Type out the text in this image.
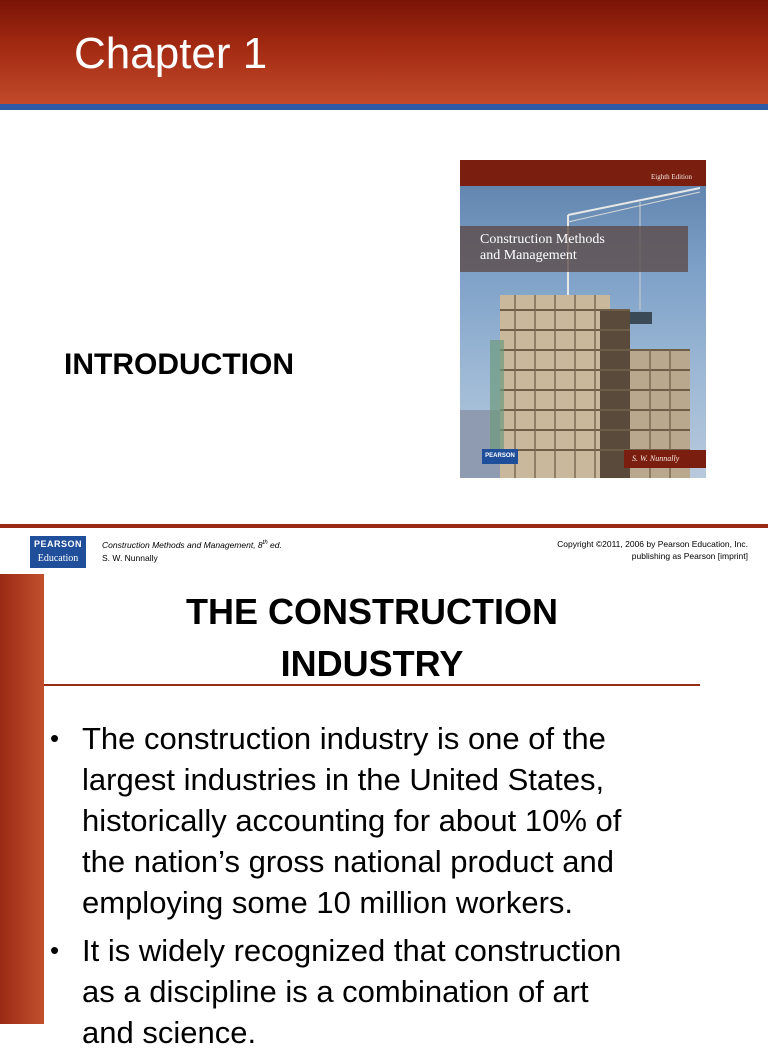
Chapter 1
INTRODUCTION
Eighth Edition
Construction Methods
and Management
PEARSON	S. W. Nunnally
PEARSON
Education
Construction Methods and Management, 8th ed.
S. W. Nunnally
Copyright ©2011, 2006 by Pearson Education, Inc.
publishing as Pearson [imprint]
THE CONSTRUCTION
INDUSTRY
• The construction industry is one of the
largest industries in the United States,
historically accounting for about 10% of
the nation’s gross national product and
employing some 10 million workers.
• It is widely recognized that construction
as a discipline is a combination of art
and science.
